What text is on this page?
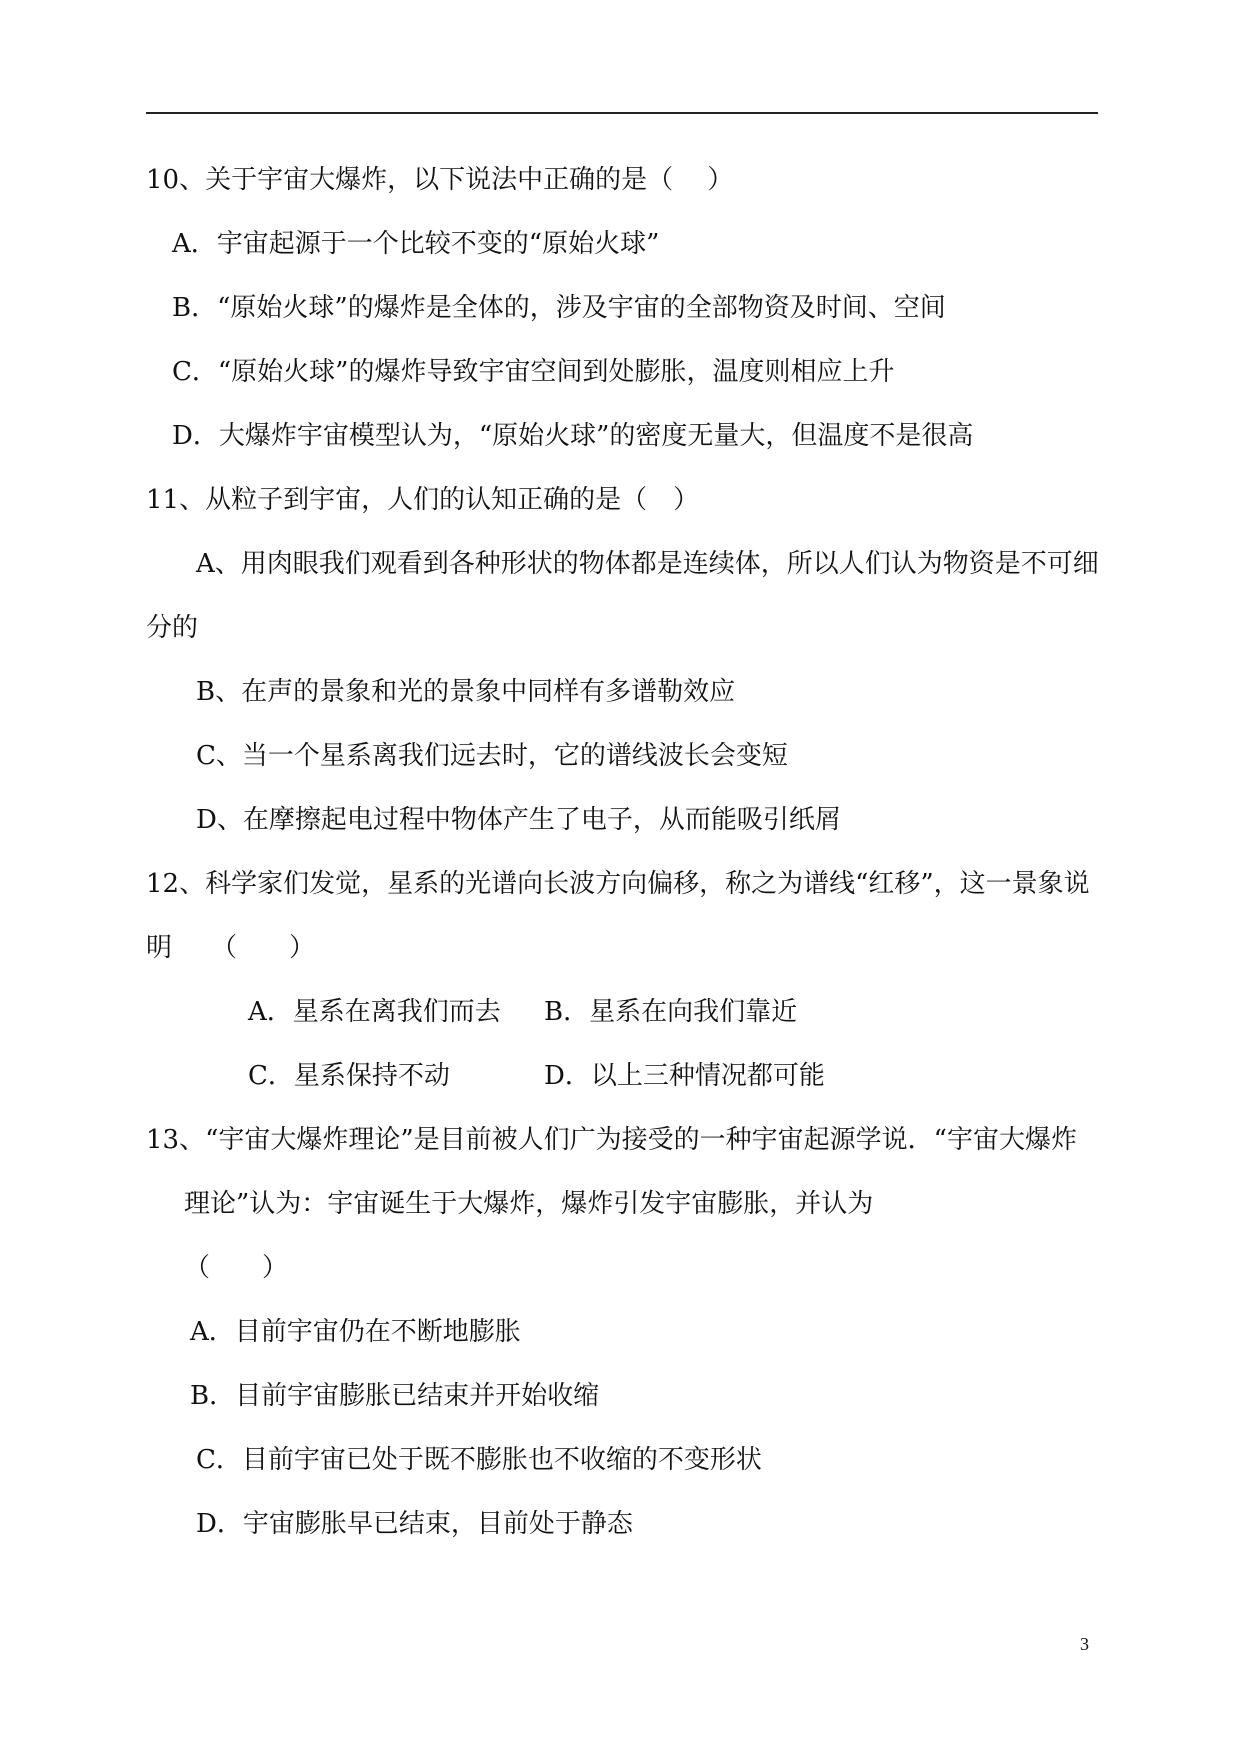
10、关于宇宙大爆炸，以下说法中正确的是（　 ）
A．宇宙起源于一个比较不变的“原始火球”
B．“原始火球”的爆炸是全体的，涉及宇宙的全部物资及时间、空间
C．“原始火球”的爆炸导致宇宙空间到处膨胀，温度则相应上升
D．大爆炸宇宙模型认为，“原始火球”的密度无量大，但温度不是很高
11、从粒子到宇宙，人们的认知正确的是（　）
A、用肉眼我们观看到各种形状的物体都是连续体，所以人们认为物资是不可细
分的
B、在声的景象和光的景象中同样有多谱勒效应
C、当一个星系离我们远去时，它的谱线波长会变短
D、在摩擦起电过程中物体产生了电子，从而能吸引纸屑
12、科学家们发觉，星系的光谱向长波方向偏移，称之为谱线“红移”，这一景象说
明　　（　　）
A．星系在离我们而去 B．星系在向我们靠近
C．星系保持不动	D．以上三种情况都可能
13、“宇宙大爆炸理论”是目前被人们广为接受的一种宇宙起源学说．“宇宙大爆炸
理论”认为：宇宙诞生于大爆炸，爆炸引发宇宙膨胀，并认为
（　　）
A．目前宇宙仍在不断地膨胀
B．目前宇宙膨胀已结束并开始收缩
C．目前宇宙已处于既不膨胀也不收缩的不变形状
D．宇宙膨胀早已结束，目前处于静态
3
